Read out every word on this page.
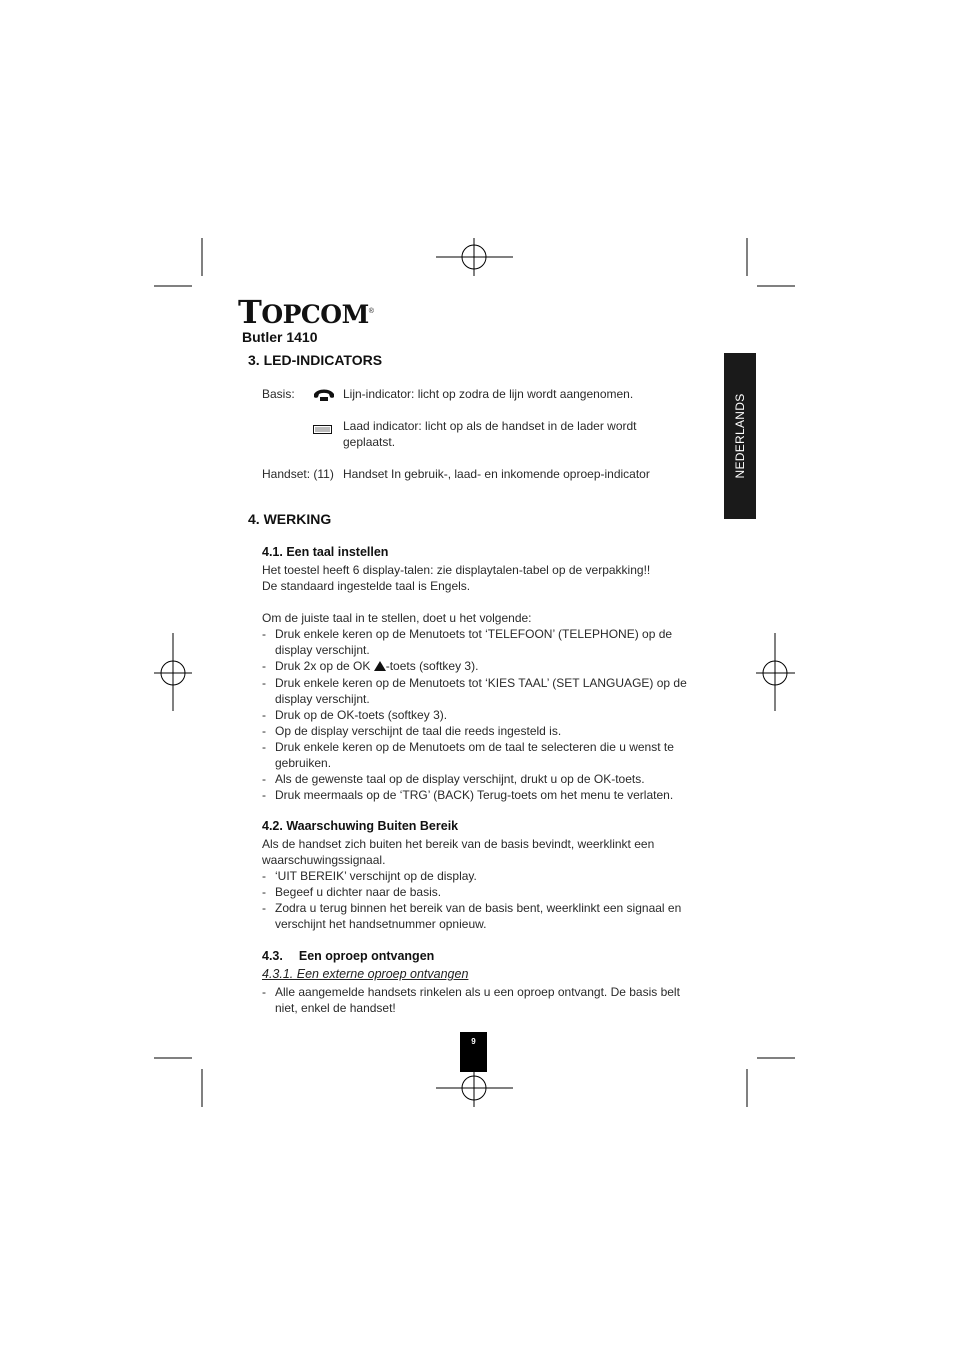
TOPCOM®
Butler 1410
NEDERLANDS
3. LED-INDICATORS
Basis:	Lijn-indicator: licht op zodra de lijn wordt aangenomen.
Laad indicator: licht op als de handset in de lader wordt
geplaatst.
Handset: (11) Handset In gebruik-, laad- en inkomende oproep-indicator
4. WERKING
4.1. Een taal instellen
Het toestel heeft 6 display-talen: zie displaytalen-tabel op de verpakking!!
De standaard ingestelde taal is Engels.
Om de juiste taal in te stellen, doet u het volgende:
- Druk enkele keren op de Menutoets tot ‘TELEFOON’ (TELEPHONE) op de display verschijnt.
- Druk 2x op de OK -toets (softkey 3).
- Druk enkele keren op de Menutoets tot ‘KIES TAAL’ (SET LANGUAGE) op de display verschijnt.
- Druk op de OK-toets (softkey 3).
- Op de display verschijnt de taal die reeds ingesteld is.
- Druk enkele keren op de Menutoets om de taal te selecteren die u wenst te gebruiken.
- Als de gewenste taal op de display verschijnt, drukt u op de OK-toets.
- Druk meermaals op de ‘TRG’ (BACK) Terug-toets om het menu te verlaten.
4.2. Waarschuwing Buiten Bereik
Als de handset zich buiten het bereik van de basis bevindt, weerklinkt een waarschuwingssignaal.
- ‘UIT BEREIK’ verschijnt op de display.
- Begeef u dichter naar de basis.
- Zodra u terug binnen het bereik van de basis bent, weerklinkt een signaal en verschijnt het handsetnummer opnieuw.
4.3. Een oproep ontvangen
4.3.1. Een externe oproep ontvangen
- Alle aangemelde handsets rinkelen als u een oproep ontvangt. De basis belt niet, enkel de handset!
9
